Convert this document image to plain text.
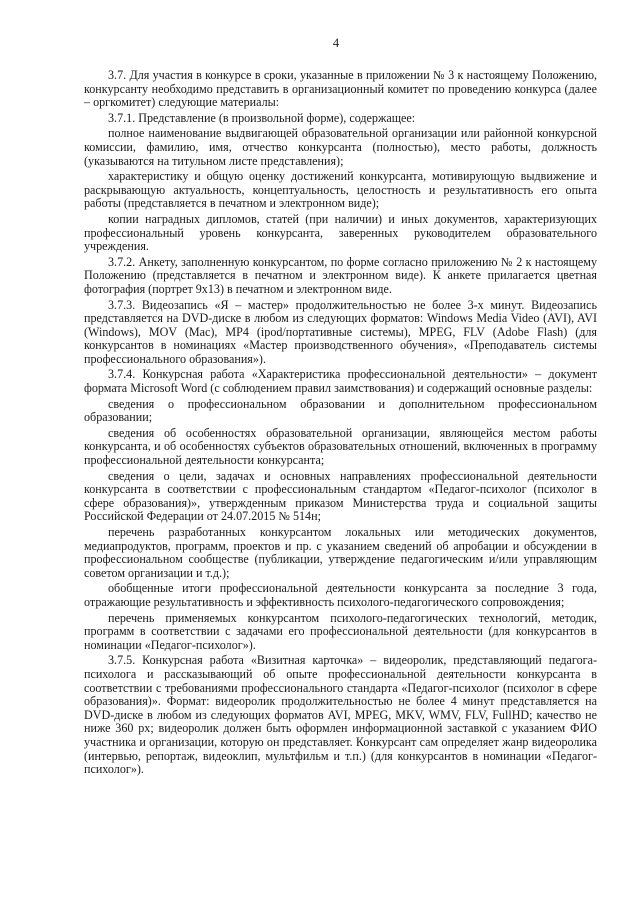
4

3.7. Для участия в конкурсе в сроки, указанные в приложении № 3 к настоящему Положению, конкурсанту необходимо представить в организационный комитет по проведению конкурса (далее – оргкомитет) следующие материалы:

3.7.1. Представление (в произвольной форме), содержащее:

полное наименование выдвигающей образовательной организации или районной конкурсной комиссии, фамилию, имя, отчество конкурсанта (полностью), место работы, должность (указываются на титульном листе представления);

характеристику и общую оценку достижений конкурсанта, мотивирующую выдвижение и раскрывающую актуальность, концептуальность, целостность и результативность его опыта работы (представляется в печатном и электронном виде);

копии наградных дипломов, статей (при наличии) и иных документов, характеризующих профессиональный уровень конкурсанта, заверенных руководителем образовательного учреждения.

3.7.2. Анкету, заполненную конкурсантом, по форме согласно приложению № 2 к настоящему Положению (представляется в печатном и электронном виде). К анкете прилагается цветная фотография (портрет 9х13) в печатном и электронном виде.

3.7.3. Видеозапись «Я – мастер» продолжительностью не более 3-х минут. Видеозапись представляется на DVD-диске в любом из следующих форматов: Windows Media Video (AVI), AVI (Windows), MOV (Mac), MP4 (ipod/портативные системы), MPEG, FLV (Adobe Flash) (для конкурсантов в номинациях «Мастер производственного обучения», «Преподаватель системы профессионального образования»).

3.7.4. Конкурсная работа «Характеристика профессиональной деятельности» – документ формата Microsoft Word (с соблюдением правил заимствования) и содержащий основные разделы:

сведения о профессиональном образовании и дополнительном профессиональном образовании;

сведения об особенностях образовательной организации, являющейся местом работы конкурсанта, и об особенностях субъектов образовательных отношений, включенных в программу профессиональной деятельности конкурсанта;

сведения о цели, задачах и основных направлениях профессиональной деятельности конкурсанта в соответствии с профессиональным стандартом «Педагог-психолог (психолог в сфере образования)», утвержденным приказом Министерства труда и социальной защиты Российской Федерации от 24.07.2015 № 514н;

перечень разработанных конкурсантом локальных или методических документов, медиапродуктов, программ, проектов и пр. с указанием сведений об апробации и обсуждении в профессиональном сообществе (публикации, утверждение педагогическим и/или управляющим советом организации и т.д.);

обобщенные итоги профессиональной деятельности конкурсанта за последние 3 года, отражающие результативность и эффективность психолого-педагогического сопровождения;

перечень применяемых конкурсантом психолого-педагогических технологий, методик, программ в соответствии с задачами его профессиональной деятельности (для конкурсантов в номинации «Педагог-психолог»).

3.7.5. Конкурсная работа «Визитная карточка» – видеоролик, представляющий педагога-психолога и рассказывающий об опыте профессиональной деятельности конкурсанта в соответствии с требованиями профессионального стандарта «Педагог-психолог (психолог в сфере образования)». Формат: видеоролик продолжительностью не более 4 минут представляется на DVD-диске в любом из следующих форматов AVI, MPEG, MKV, WMV, FLV, FullHD; качество не ниже 360 px; видеоролик должен быть оформлен информационной заставкой с указанием ФИО участника и организации, которую он представляет. Конкурсант сам определяет жанр видеоролика (интервью, репортаж, видеоклип, мультфильм и т.п.) (для конкурсантов в номинации «Педагог-психолог»).
